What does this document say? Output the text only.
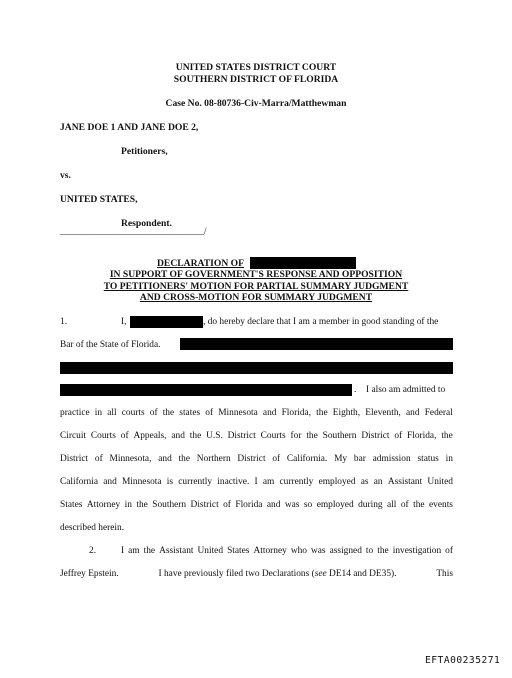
UNITED STATES DISTRICT COURT
SOUTHERN DISTRICT OF FLORIDA
Case No. 08-80736-Civ-Marra/Matthewman
JANE DOE 1 AND JANE DOE 2,
Petitioners,
vs.
UNITED STATES,
Respondent.
______________________________/
DECLARATION OF
IN SUPPORT OF GOVERNMENT'S RESPONSE AND OPPOSITION
TO PETITIONERS' MOTION FOR PARTIAL SUMMARY JUDGMENT
AND CROSS-MOTION FOR SUMMARY JUDGMENT
1.	I,	, do hereby declare that I am a member in good standing of the
Bar of the State of Florida.
. I also am admitted to
practice in all courts of the states of Minnesota and Florida, the Eighth, Eleventh, and Federal
Circuit Courts of Appeals, and the U.S. District Courts for the Southern District of Florida, the
District of Minnesota, and the Northern District of California. My bar admission status in
California and Minnesota is currently inactive. I am currently employed as an Assistant United
States Attorney in the Southern District of Florida and was so employed during all of the events
described herein.
2.	I am the Assistant United States Attorney who was assigned to the investigation of
Jeffrey Epstein.	I have previously filed two Declarations (see DE14 and DE35).	This
EFTA00235271
